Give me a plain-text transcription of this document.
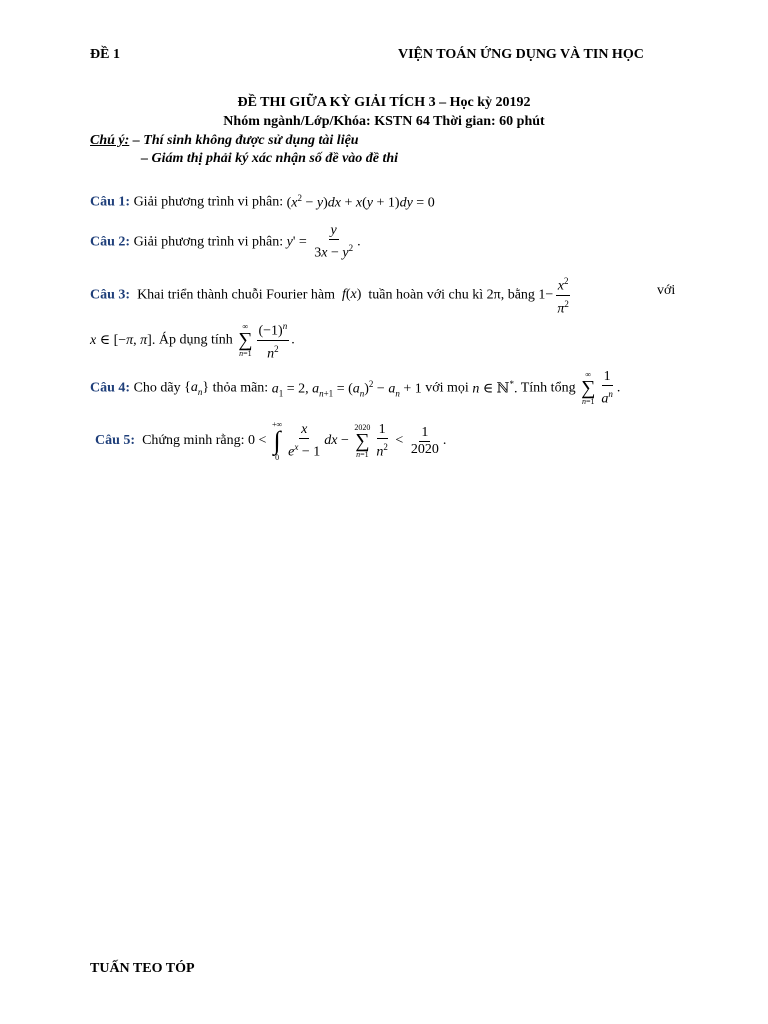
ĐỀ 1	VIỆN TOÁN ỨNG DỤNG VÀ TIN HỌC
ĐỀ THI GIỮA KỲ GIẢI TÍCH 3 – Học kỳ 20192
Nhóm ngành/Lớp/Khóa: KSTN 64 Thời gian: 60 phút
Chú ý: – Thí sinh không được sử dụng tài liệu
– Giám thị phải ký xác nhận số đề vào đề thi
Câu 1: Giải phương trình vi phân: $(x^2 - y)dx + x(y + 1)dy = 0$
Câu 2: Giải phương trình vi phân: $y' = \frac{y}{3x - y^2}$ .
Câu 3: Khai triển thành chuỗi Fourier hàm f(x) tuần hoàn với chu kì 2π, bằng $1- \frac{x^2}{\pi^2}$	với
x ∈ [−π, π]. Áp dụng tính
∞
∑
$n=1 \frac{(-1)^n}{n^2}$ .
Câu 4: Cho dãy $\{a_n\}$ thỏa mãn: $a_1 = 2$, $a_{n+1} = (a_n)^2 - a_n + 1$ với mọi n ∈ ℕ*. Tính tổng
∞
∑
$n=1 \frac{1}{a^n}$ .
Câu 5: Chứng minh rằng: 0 <
+∞
∫
$0 \frac{x}{e^x - 1}$ dx −
2020
∑
$n=1 \frac{1}{n^2} < \frac{1}{2020}$ .
TUẤN TEO TÓP
